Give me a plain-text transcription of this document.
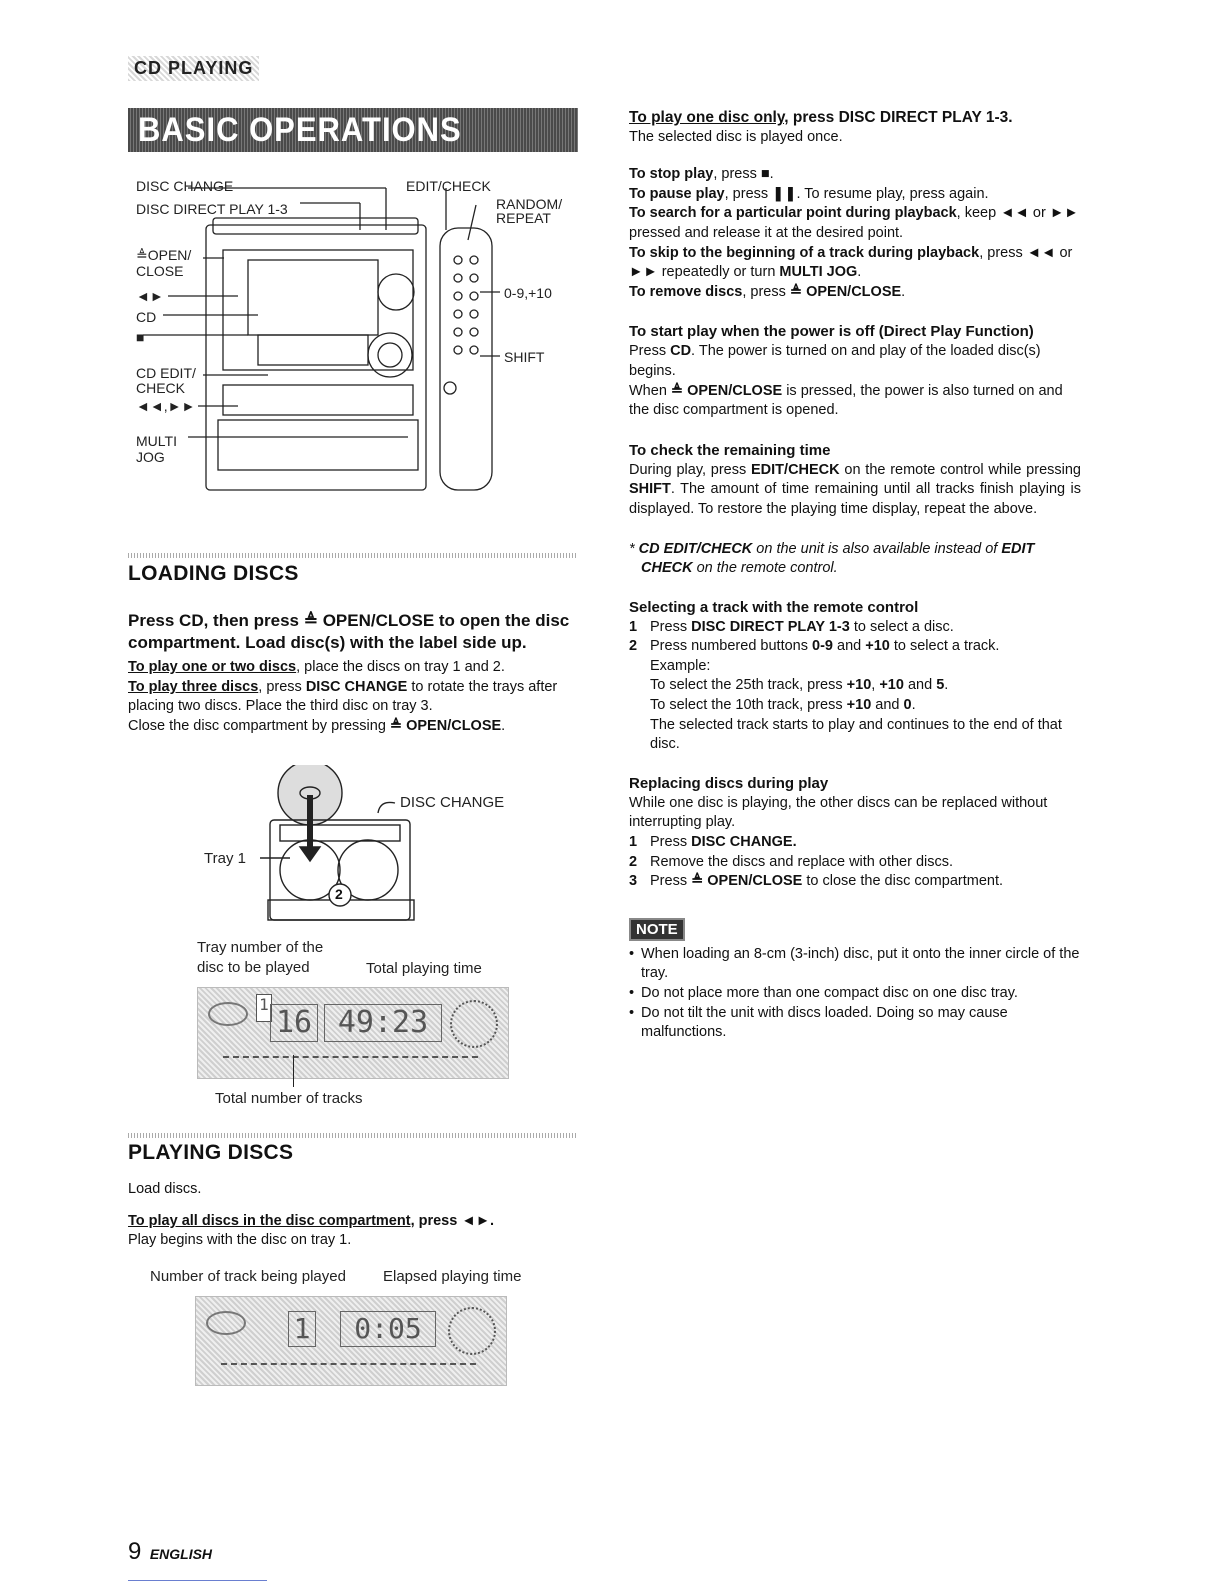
CD PLAYING
BASIC OPERATIONS
DISC CHANGE
DISC DIRECT PLAY 1-3
≜OPEN/
CLOSE
◄►
CD
■
CD EDIT/
CHECK
◄◄,►►
MULTI
JOG
EDIT/CHECK
RANDOM/
REPEAT
0-9,+10
SHIFT
LOADING DISCS

Press CD, then press ≜ OPEN/CLOSE to open the disc compartment. Load disc(s) with the label side up.

To play one or two discs, place the discs on tray 1 and 2.

To play three discs, press DISC CHANGE to rotate the trays after placing two discs. Place the third disc on tray 3.

Close the disc compartment by pressing ≜ OPEN/CLOSE.

DISC CHANGE
Tray 1
2
Tray number of the
disc to be played	Total playing time
1
16 49:23
Total number of tracks
PLAYING DISCS

Load discs.

To play all discs in the disc compartment, press ◄►.

Play begins with the disc on tray 1.

Number of track being played Elapsed playing time
1	0:05

To play one disc only, press DISC DIRECT PLAY 1-3.

The selected disc is played once.

To stop play, press ■.

To pause play, press ❚❚. To resume play, press again.

To search for a particular point during playback, keep ◄◄ or ►► pressed and release it at the desired point.

To skip to the beginning of a track during playback, press ◄◄ or ►► repeatedly or turn MULTI JOG.

To remove discs, press ≜ OPEN/CLOSE.

To start play when the power is off (Direct Play Function)

Press CD. The power is turned on and play of the loaded disc(s) begins.

When ≜ OPEN/CLOSE is pressed, the power is also turned on and the disc compartment is opened.

To check the remaining time

During play, press EDIT/CHECK on the remote control while pressing SHIFT. The amount of time remaining until all tracks finish playing is displayed. To restore the playing time display, repeat the above.

* CD EDIT/CHECK on the unit is also available instead of EDIT CHECK on the remote control.

Selecting a track with the remote control

1 Press DISC DIRECT PLAY 1-3 to select a disc.
2 Press numbered buttons 0-9 and +10 to select a track.
Example:
To select the 25th track, press +10, +10 and 5.
To select the 10th track, press +10 and 0.
The selected track starts to play and continues to the end of that disc.

Replacing discs during play

While one disc is playing, the other discs can be replaced without interrupting play.

1 Press DISC CHANGE.
2 Remove the discs and replace with other discs.
3 Press ≜ OPEN/CLOSE to close the disc compartment.
NOTE
• When loading an 8-cm (3-inch) disc, put it onto the inner circle of the tray.
• Do not place more than one compact disc on one disc tray.
• Do not tilt the unit with discs loaded. Doing so may cause malfunctions.
9 ENGLISH
